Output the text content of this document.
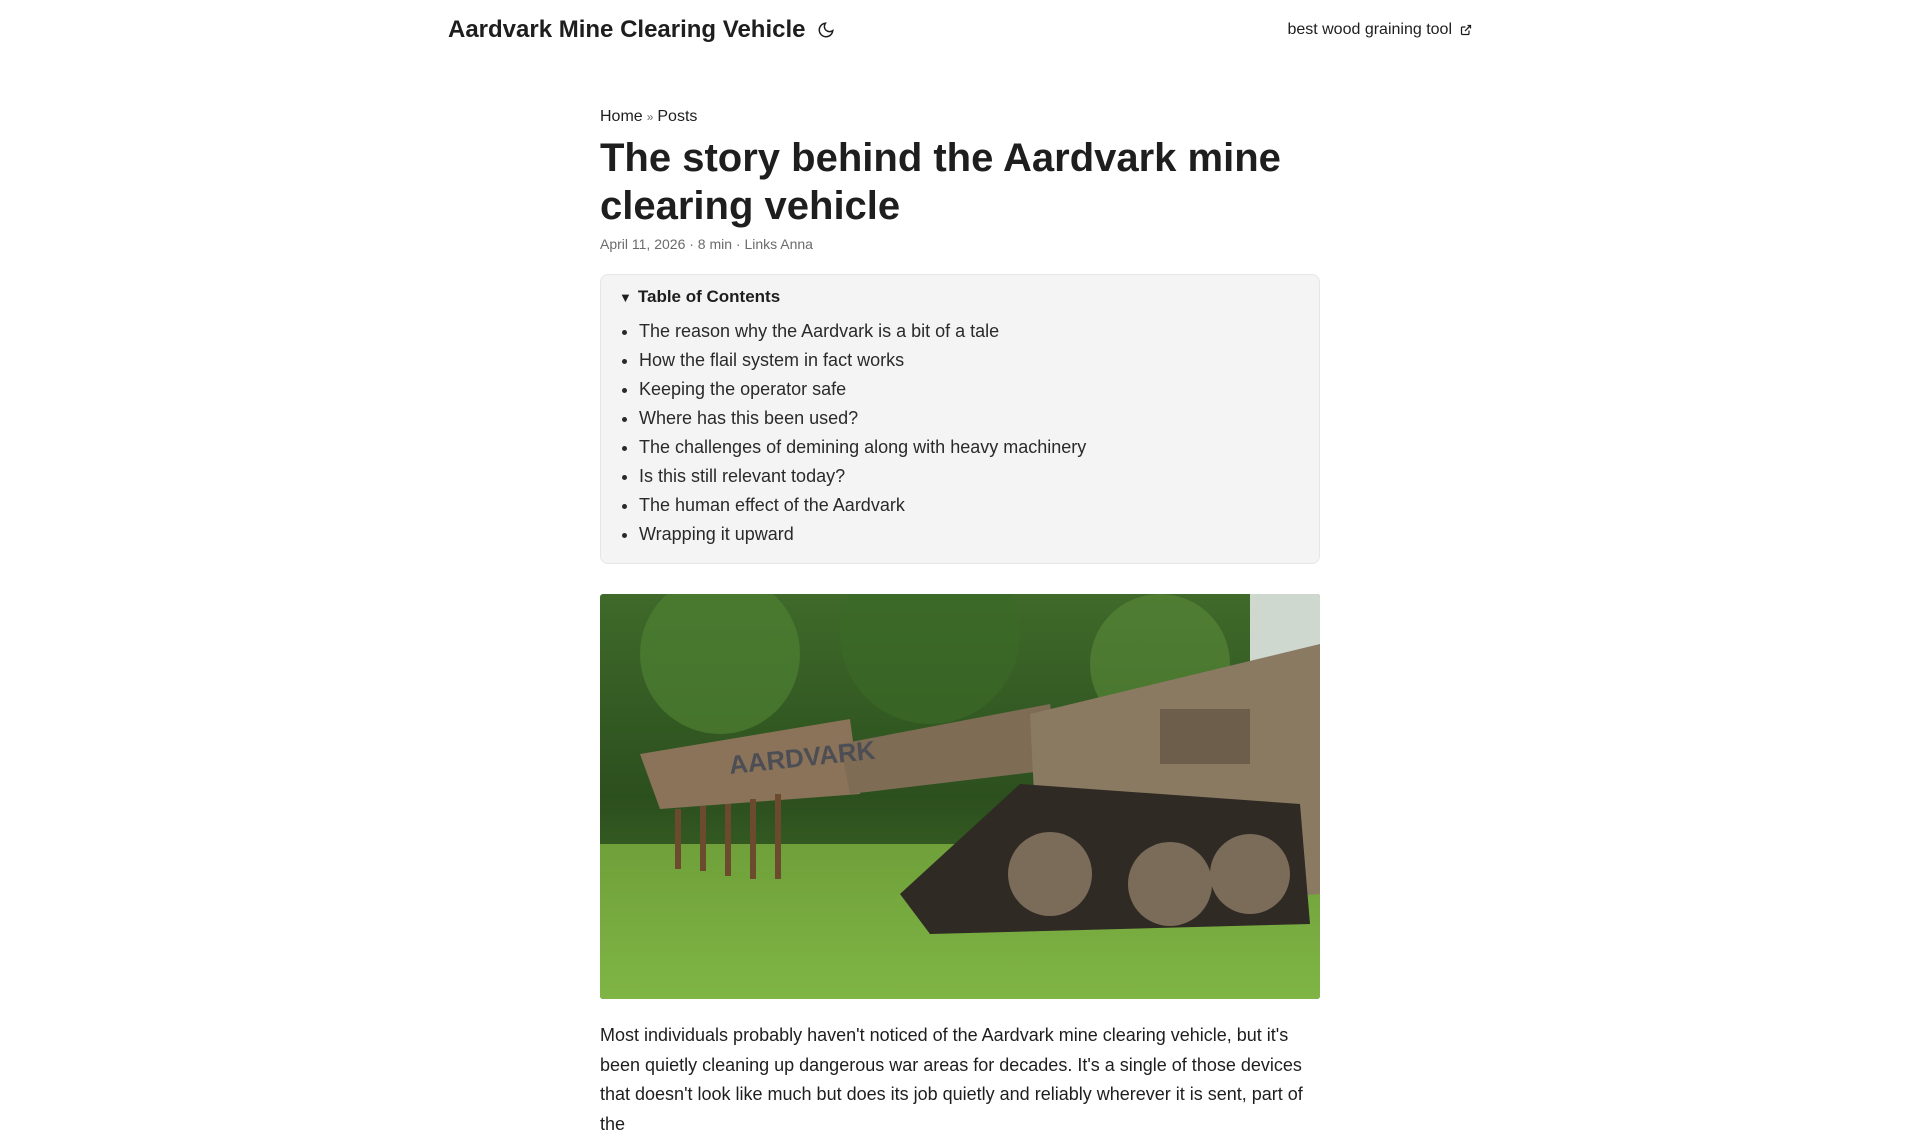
Aardvark Mine Clearing Vehicle	best wood graining tool
Home » Posts
The story behind the Aardvark mine clearing vehicle
April 11, 2026 · 8 min · Links Anna
▼ Table of Contents
• The reason why the Aardvark is a bit of a tale
• How the flail system in fact works
• Keeping the operator safe
• Where has this been used?
• The challenges of demining along with heavy machinery
• Is this still relevant today?
• The human effect of the Aardvark
• Wrapping it upward
AARDVARK

Most individuals probably haven't noticed of the Aardvark mine clearing vehicle, but it's been quietly cleaning up dangerous war areas for decades. It's a single of those devices that doesn't look like much but does its job quietly and reliably wherever it is sent, part of the
